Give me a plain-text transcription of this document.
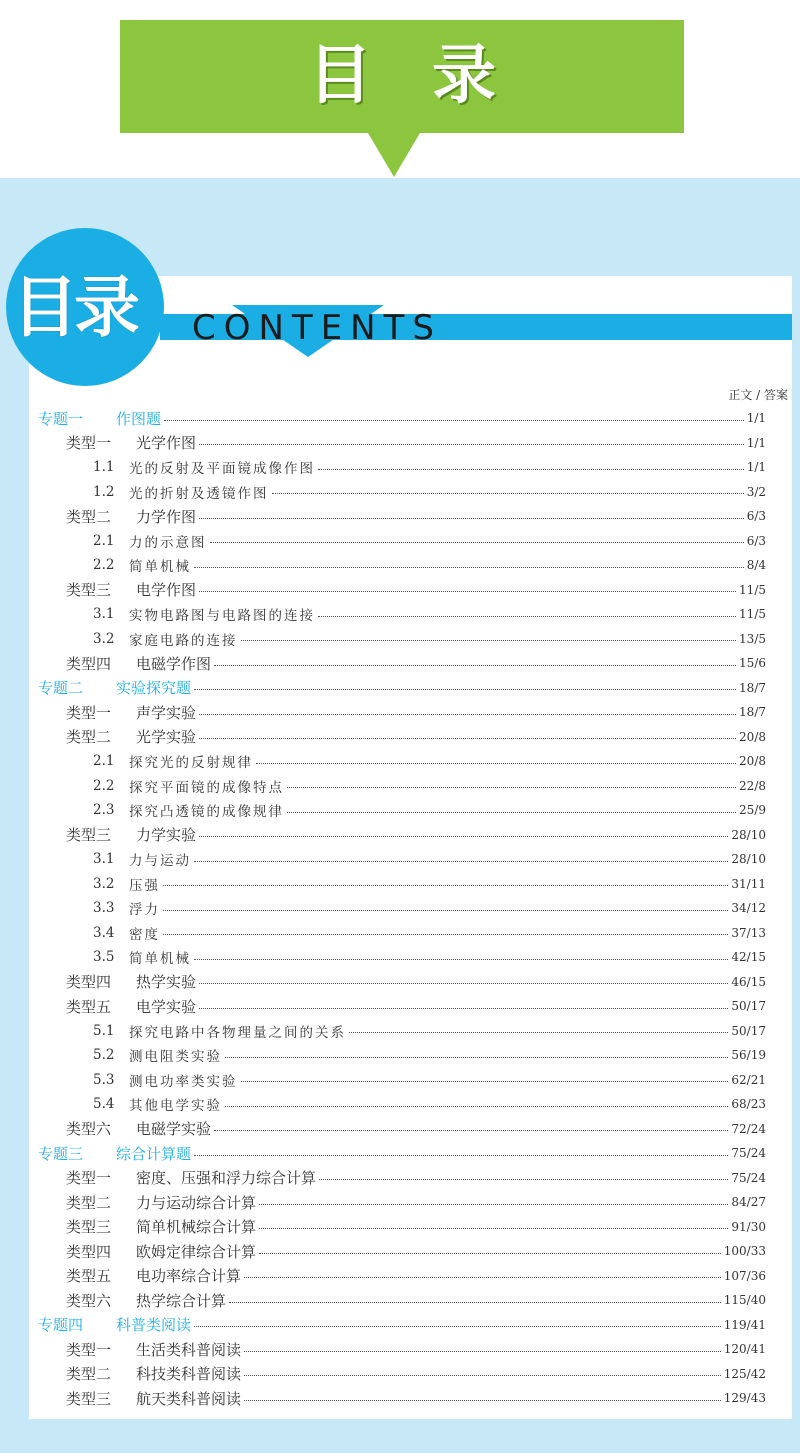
目录
CONTENTS
目录
正文 / 答案
专题一	作图题	1/1
类型一	光学作图	1/1
1.1	光的反射及平面镜成像作图	1/1
1.2	光的折射及透镜作图	3/2
类型二	力学作图	6/3
2.1	力的示意图	6/3
2.2	简单机械	8/4
类型三	电学作图	11/5
3.1	实物电路图与电路图的连接	11/5
3.2	家庭电路的连接	13/5
类型四	电磁学作图	15/6
专题二	实验探究题	18/7
类型一	声学实验	18/7
类型二	光学实验	20/8
2.1	探究光的反射规律	20/8
2.2	探究平面镜的成像特点	22/8
2.3	探究凸透镜的成像规律	25/9
类型三	力学实验	28/10
3.1	力与运动	28/10
3.2	压强	31/11
3.3	浮力	34/12
3.4	密度	37/13
3.5	简单机械	42/15
类型四	热学实验	46/15
类型五	电学实验	50/17
5.1	探究电路中各物理量之间的关系	50/17
5.2	测电阻类实验	56/19
5.3	测电功率类实验	62/21
5.4	其他电学实验	68/23
类型六	电磁学实验	72/24
专题三	综合计算题	75/24
类型一	密度、压强和浮力综合计算	75/24
类型二	力与运动综合计算	84/27
类型三	简单机械综合计算	91/30
类型四	欧姆定律综合计算	100/33
类型五	电功率综合计算	107/36
类型六	热学综合计算	115/40
专题四	科普类阅读	119/41
类型一	生活类科普阅读	120/41
类型二	科技类科普阅读	125/42
类型三	航天类科普阅读	129/43
